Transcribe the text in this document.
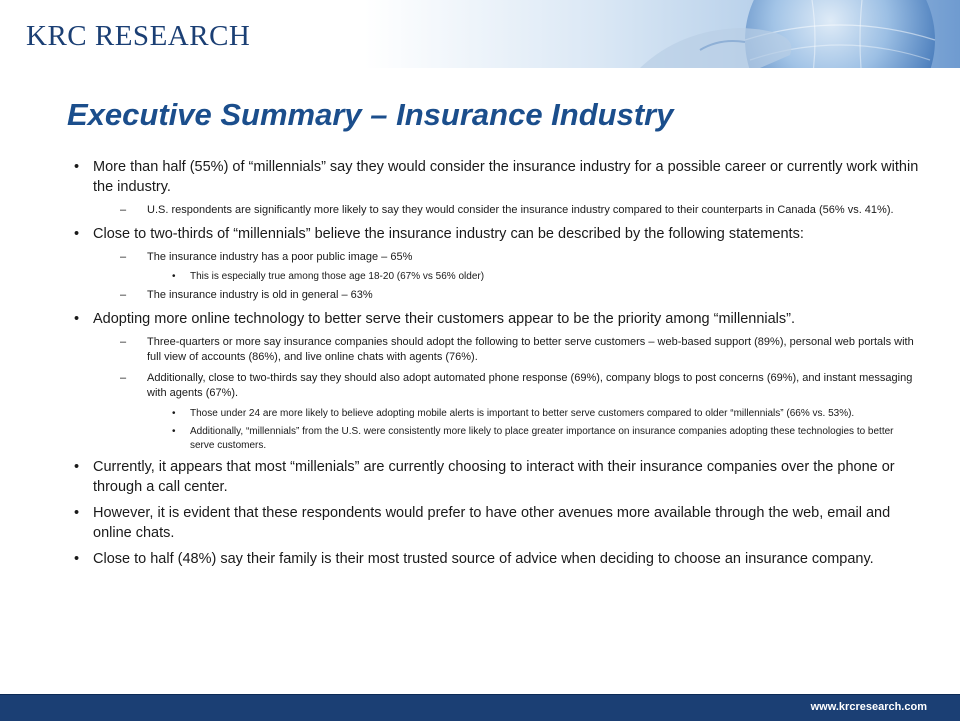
KRC RESEARCH
Executive Summary – Insurance Industry
• More than half (55%) of “millennials” say they would consider the insurance industry for a possible career or currently work within the industry.
– U.S. respondents are significantly more likely to say they would consider the insurance industry compared to their counterparts in Canada (56% vs. 41%).
• Close to two-thirds of “millennials” believe the insurance industry can be described by the following statements:
– The insurance industry has a poor public image – 65%
• This is especially true among those age 18-20 (67% vs 56% older)
– The insurance industry is old in general – 63%
• Adopting more online technology to better serve their customers appear to be the priority among “millennials”.
– Three-quarters or more say insurance companies should adopt the following to better serve customers – web-based support (89%), personal web portals with full view of accounts (86%), and live online chats with agents (76%).
– Additionally, close to two-thirds say they should also adopt automated phone response (69%), company blogs to post concerns (69%), and instant messaging with agents (67%).
• Those under 24 are more likely to believe adopting mobile alerts is important to better serve customers compared to older “millennials” (66% vs. 53%).
• Additionally, “millennials” from the U.S. were consistently more likely to place greater importance on insurance companies adopting these technologies to better serve customers.
• Currently, it appears that most “millenials” are currently choosing to interact with their insurance companies over the phone or through a call center.
• However, it is evident that these respondents would prefer to have other avenues more available through the web, email and online chats.
• Close to half (48%) say their family is their most trusted source of advice when deciding to choose an insurance company.
www.krcresearch.com
